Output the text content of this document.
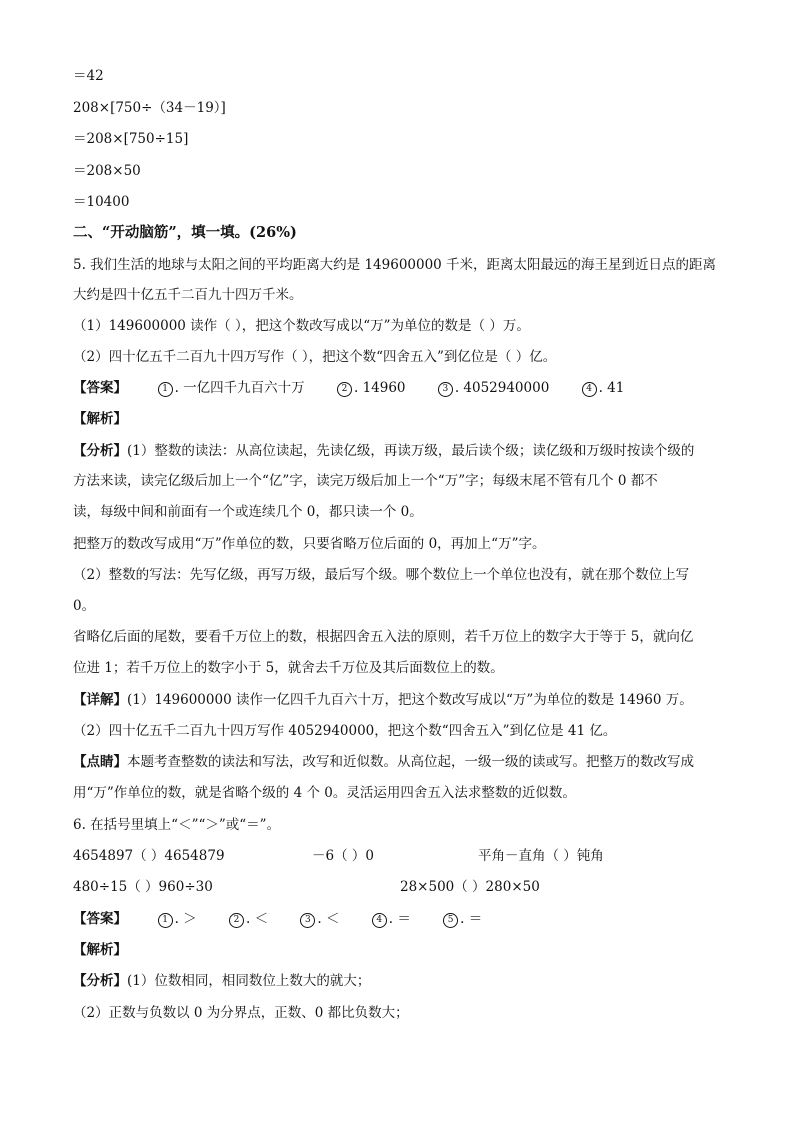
＝42
208×[750÷（34－19）]
＝208×[750÷15]
＝208×50
＝10400
二、“开动脑筋”，填一填。(26%)
5. 我们生活的地球与太阳之间的平均距离大约是 149600000 千米，距离太阳最远的海王星到近日点的距离
大约是四十亿五千二百九十四万千米。
（1）149600000 读作（ ），把这个数改写成以“万”为单位的数是（ ）万。
（2）四十亿五千二百九十四万写作（ ），把这个数“四舍五入”到亿位是（ ）亿。
【答案】	1 . 一亿四千九百六十万	2 . 14960	3 . 4052940000	4 . 41
【解析】
【分析】(1）整数的读法：从高位读起，先读亿级，再读万级，最后读个级；读亿级和万级时按读个级的
方法来读，读完亿级后加上一个“亿”字，读完万级后加上一个“万”字；每级末尾不管有几个 0 都不
读，每级中间和前面有一个或连续几个 0，都只读一个 0。
把整万的数改写成用“万”作单位的数，只要省略万位后面的 0，再加上“万”字。
（2）整数的写法：先写亿级，再写万级，最后写个级。哪个数位上一个单位也没有，就在那个数位上写
0。
省略亿后面的尾数，要看千万位上的数，根据四舍五入法的原则，若千万位上的数字大于等于 5，就向亿
位进 1；若千万位上的数字小于 5，就舍去千万位及其后面数位上的数。
【详解】(1）149600000 读作一亿四千九百六十万，把这个数改写成以“万”为单位的数是 14960 万。
（2）四十亿五千二百九十四万写作 4052940000，把这个数“四舍五入”到亿位是 41 亿。
【点睛】本题考查整数的读法和写法，改写和近似数。从高位起，一级一级的读或写。把整万的数改写成
用“万”作单位的数，就是省略个级的 4 个 0。灵活运用四舍五入法求整数的近似数。
6. 在括号里填上“＜”“＞”或“＝”。
4654897（ ）4654879	－6（ ）0	平角－直角（ ）钝角
480÷15（ ）960÷30	28×500（ ）280×50
【答案】	1 . ＞	2 . ＜	3 . ＜	4 . ＝	5 . ＝
【解析】
【分析】(1）位数相同，相同数位上数大的就大；
（2）正数与负数以 0 为分界点，正数、0 都比负数大；
